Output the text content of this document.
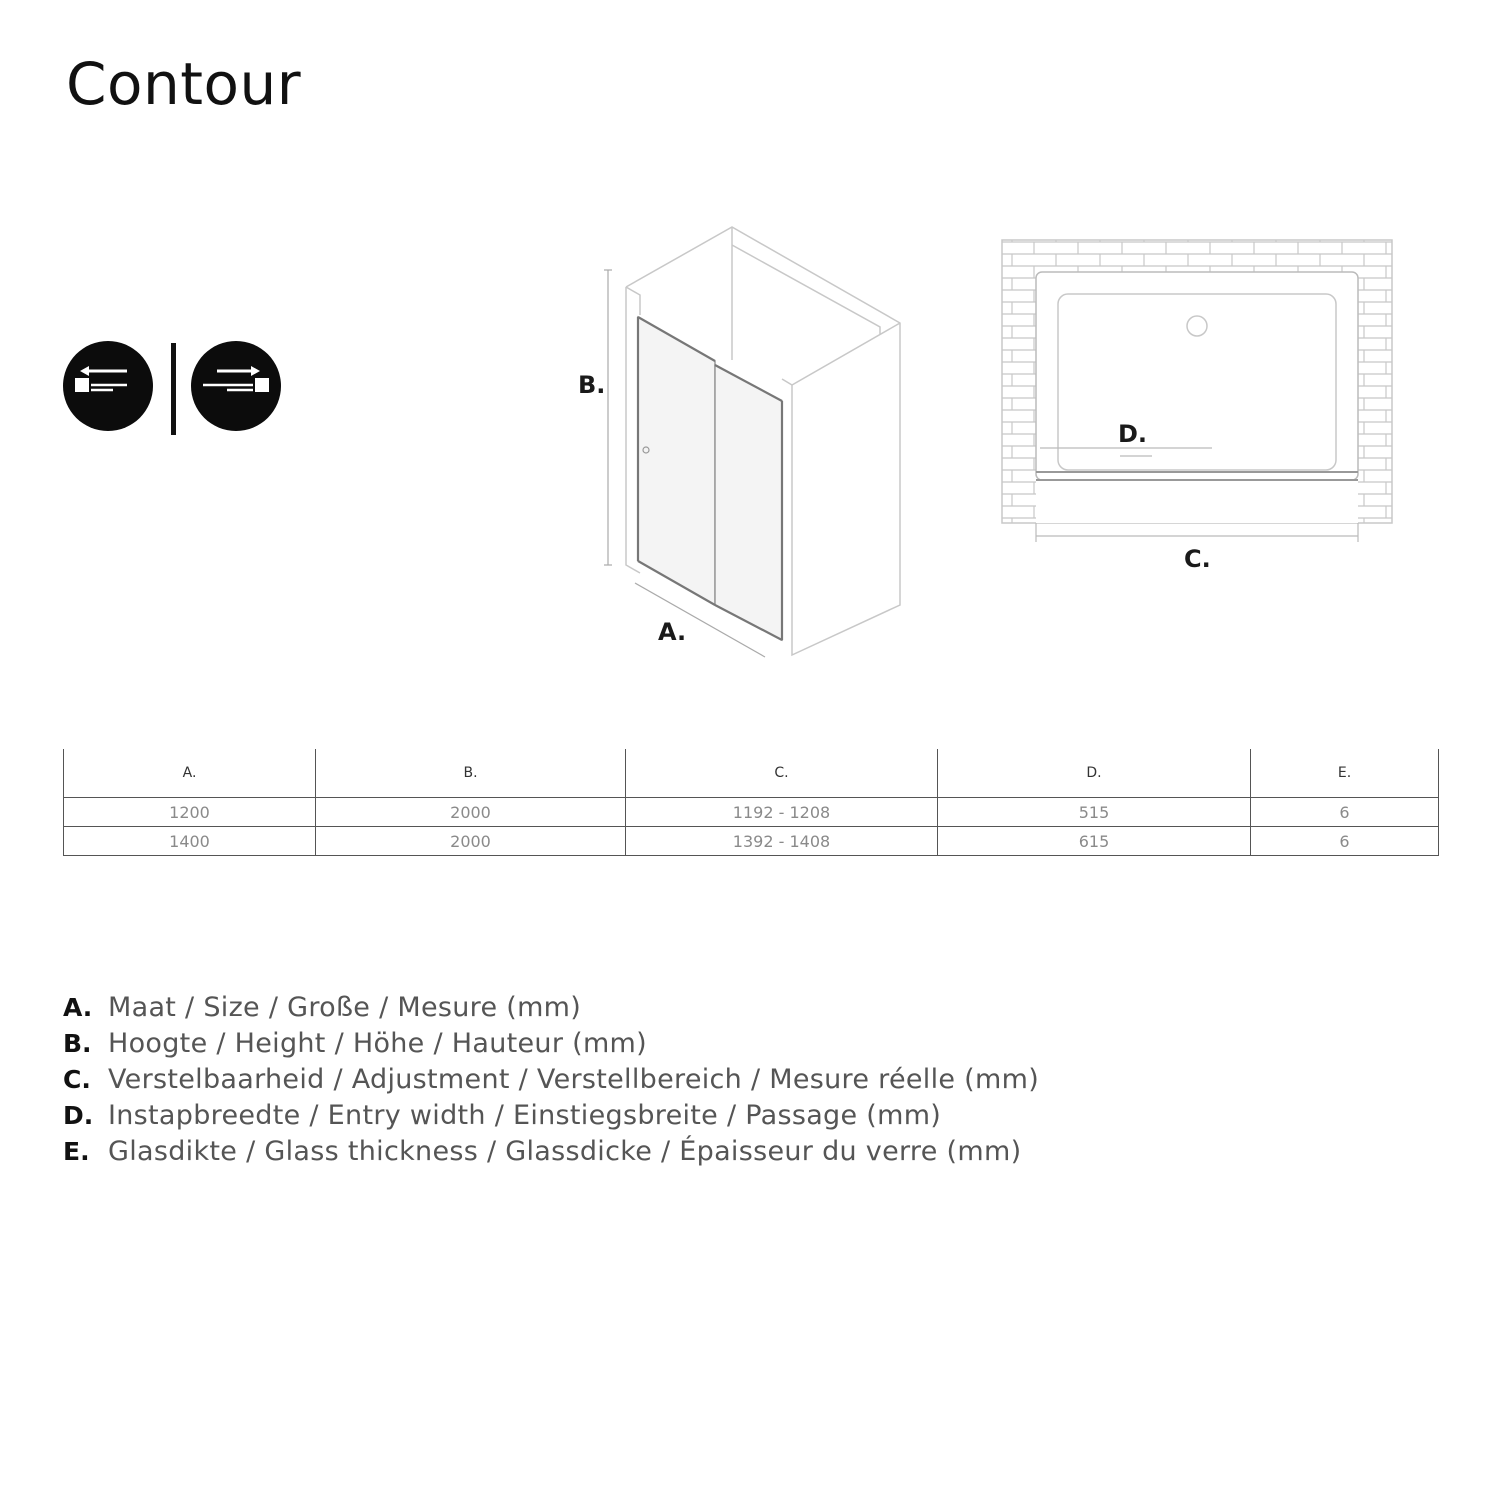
Contour
B.
A.
D.
C.
A.	B.	C.	D.	E.
1200	2000	1192 - 1208	515	6
1400	2000	1392 - 1408	615	6
A. Maat / Size / Große / Mesure (mm)
B. Hoogte / Height / Höhe / Hauteur (mm)
C. Verstelbaarheid / Adjustment / Verstellbereich / Mesure réelle (mm)
D. Instapbreedte / Entry width / Einstiegsbreite / Passage (mm)
E. Glasdikte / Glass thickness / Glassdicke / Épaisseur du verre (mm)
